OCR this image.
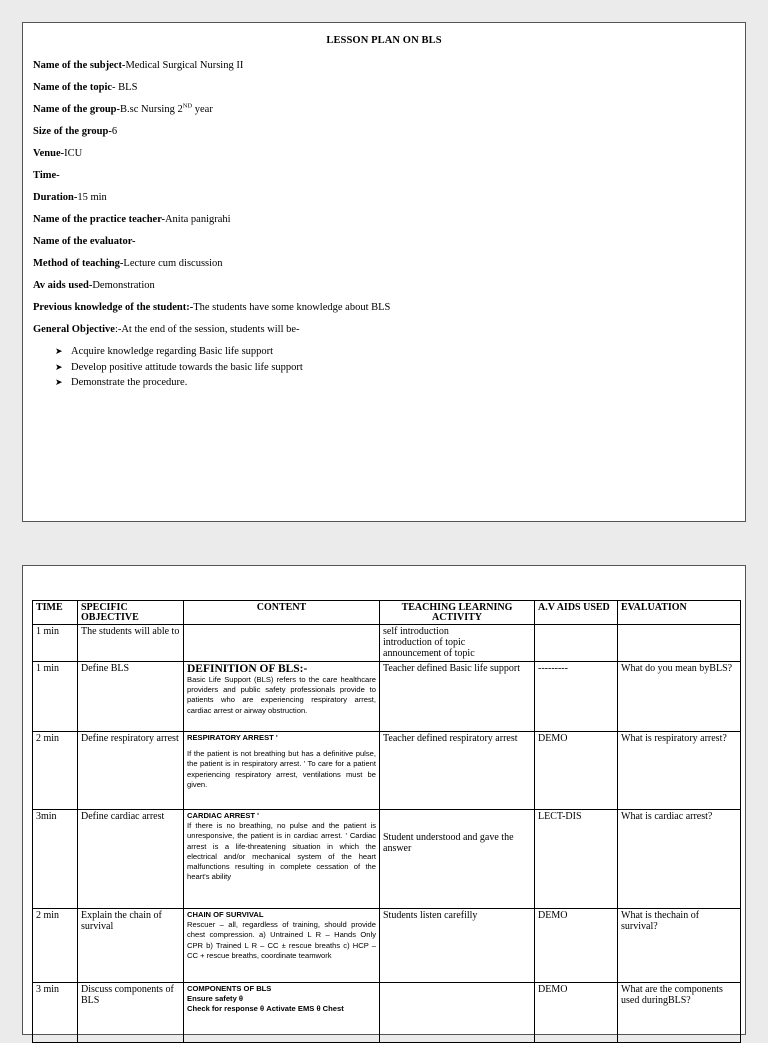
LESSON PLAN ON BLS
Name of the subject-Medical Surgical Nursing II
Name of the topic- BLS
Name of the group-B.sc Nursing 2ND year
Size of the group-6
Venue-ICU
Time-
Duration-15 min
Name of the practice teacher-Anita panigrahi
Name of the evaluator-
Method of teaching-Lecture cum discussion
Av aids used-Demonstration
Previous knowledge of the student:-The students have some knowledge about BLS
General Objective:-At the end of the session, students will be-
➤ Acquire knowledge regarding Basic life support
➤ Develop positive attitude towards the basic life support
➤ Demonstrate the procedure.
TIME	SPECIFIC OBJECTIVE	CONTENT	TEACHING LEARNING ACTIVITY	A.V AIDS USED	EVALUATION
1 min	The students will able to		self introduction
introduction of topic
announcement of topic		
1 min	Define BLS	DEFINITION OF BLS:-
Basic Life Support (BLS) refers to the care healthcare providers and public safety professionals provide to patients who are experiencing respiratory arrest, cardiac arrest or airway obstruction.	Teacher defined Basic life support	---------	What do you mean byBLS?
2 min	Define respiratory arrest	RESPIRATORY ARREST '
If the patient is not breathing but has a definitive pulse, the patient is in respiratory arrest. ' To care for a patient experiencing respiratory arrest, ventilations must be given.	Teacher defined respiratory arrest	DEMO	What is respiratory arrest?
3min	Define cardiac arrest	CARDIAC ARREST '
If there is no breathing, no pulse and the patient is unresponsive, the patient is in cardiac arrest. ' Cardiac arrest is a life-threatening situation in which the electrical and/or mechanical system of the heart malfunctions resulting in complete cessation of the heart's ability	Student understood and gave the answer	LECT-DIS	What is cardiac arrest?
2 min	Explain the chain of survival	CHAIN OF SURVIVAL
Rescuer – all, regardless of training, should provide chest compression. a) Untrained L R – Hands Only CPR b) Trained L R – CC ± rescue breaths c) HCP – CC + rescue breaths, coordinate teamwork	Students listen carefilly	DEMO	What is thechain of survival?
3 min	Discuss components of BLS	COMPONENTS OF BLS
Ensure safety θ
Check for response θ Activate EMS θ Chest		DEMO	What are the components used duringBLS?
